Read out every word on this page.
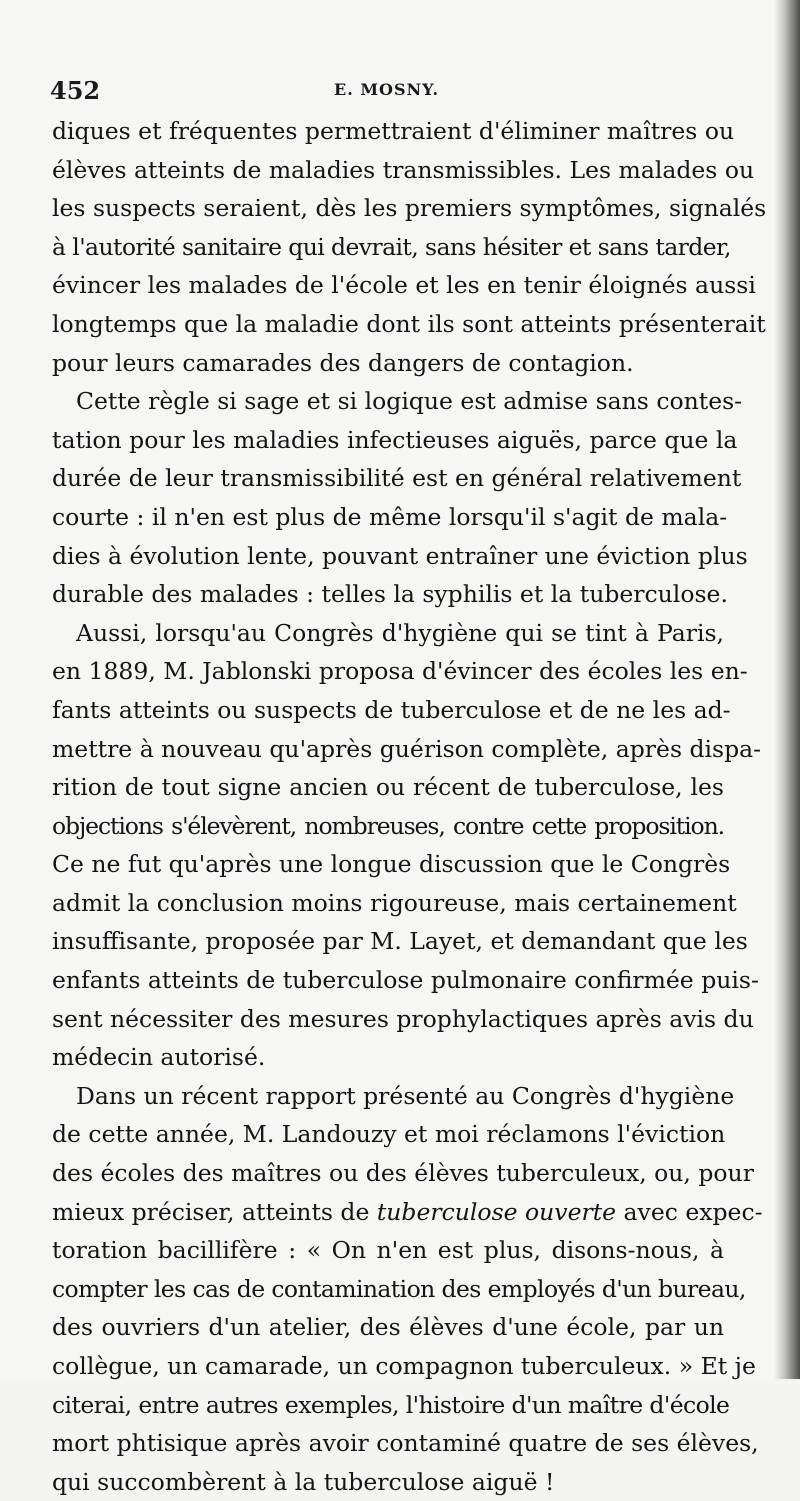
452	E. MOSNY.
diques et fréquentes permettraient d'éliminer maîtres ou
élèves atteints de maladies transmissibles. Les malades ou
les suspects seraient, dès les premiers symptômes, signalés
à l'autorité sanitaire qui devrait, sans hésiter et sans tarder,
évincer les malades de l'école et les en tenir éloignés aussi
longtemps que la maladie dont ils sont atteints présenterait
pour leurs camarades des dangers de contagion.
Cette règle si sage et si logique est admise sans contes-
tation pour les maladies infectieuses aiguës, parce que la
durée de leur transmissibilité est en général relativement
courte : il n'en est plus de même lorsqu'il s'agit de mala-
dies à évolution lente, pouvant entraîner une éviction plus
durable des malades : telles la syphilis et la tuberculose.
Aussi, lorsqu'au Congrès d'hygiène qui se tint à Paris,
en 1889, M. Jablonski proposa d'évincer des écoles les en-
fants atteints ou suspects de tuberculose et de ne les ad-
mettre à nouveau qu'après guérison complète, après dispa-
rition de tout signe ancien ou récent de tuberculose, les
objections s'élevèrent, nombreuses, contre cette proposition.
Ce ne fut qu'après une longue discussion que le Congrès
admit la conclusion moins rigoureuse, mais certainement
insuffisante, proposée par M. Layet, et demandant que les
enfants atteints de tuberculose pulmonaire confirmée puis-
sent nécessiter des mesures prophylactiques après avis du
médecin autorisé.
Dans un récent rapport présenté au Congrès d'hygiène
de cette année, M. Landouzy et moi réclamons l'éviction
des écoles des maîtres ou des élèves tuberculeux, ou, pour
mieux préciser, atteints de tuberculose ouverte avec expec-
toration bacillifère : « On n'en est plus, disons-nous, à
compter les cas de contamination des employés d'un bureau,
des ouvriers d'un atelier, des élèves d'une école, par un
collègue, un camarade, un compagnon tuberculeux. » Et je
citerai, entre autres exemples, l'histoire d'un maître d'école
mort phtisique après avoir contaminé quatre de ses élèves,
qui succombèrent à la tuberculose aiguë !
